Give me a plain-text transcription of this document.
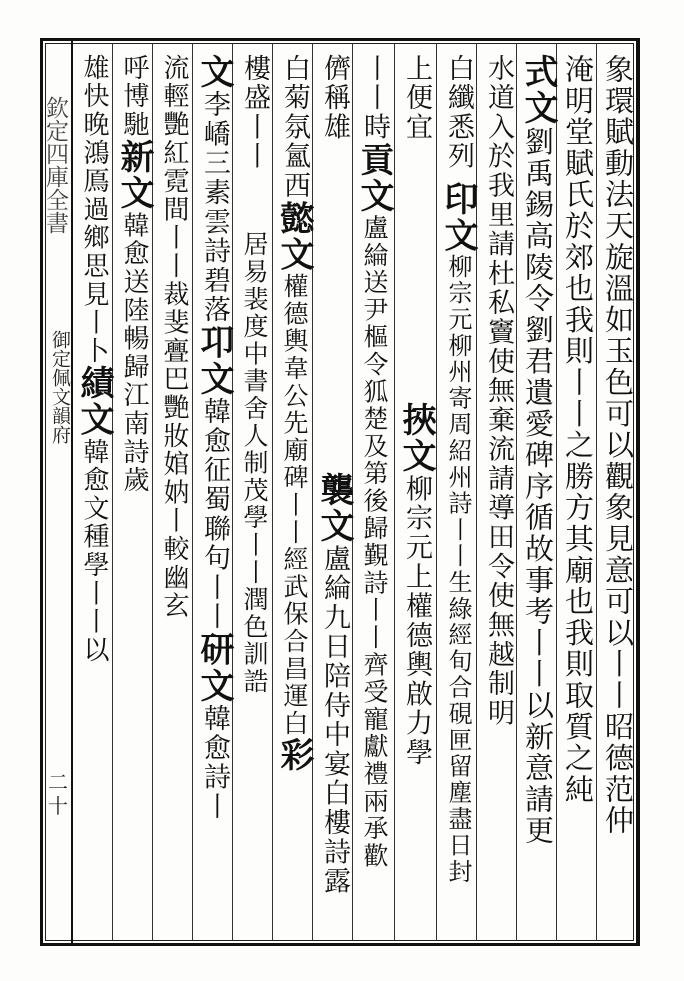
欽定四庫全書	象環賦動法天旋溫如玉色可以觀象見意可以丨丨昭德范仲
淹明堂賦氏於郊也我則丨丨之勝方其廟也我則取質之純
式文劉禹錫高陵令劉君遺愛碑序循故事考丨丨以新意請更
水道入於我里請杜私竇使無棄流請導田令使無越制明
白纖悉列印文柳宗元柳州寄周紹州詩丨丨生綠經旬合硯匣留塵盡日封
上便宜挾文柳宗元上權德輿啟力學
丨丨時貢文盧綸送尹樞令狐楚及第後歸覲詩丨丨齊受寵獻禮兩承歡
儕稱雄襲文盧綸九日陪侍中宴白樓詩露
白菊氛氳西懿文權德輿韋公先廟碑丨丨經武保合昌運白彩
樓盛丨丨居易裴度中書舍人制茂學丨丨潤色訓誥
文李嶠三素雲詩碧落卭文韓愈征蜀聯句丨丨研文韓愈詩丨
流輕艷紅霓間丨丨裁斐亹巴艷妝婠妠丨較幽玄
呼博馳新文韓愈送陸暢歸江南詩歲
雄快晚鴻鳫過鄉思見丨卜績文韓愈文種學丨丨以
御定佩文韻府
二十
